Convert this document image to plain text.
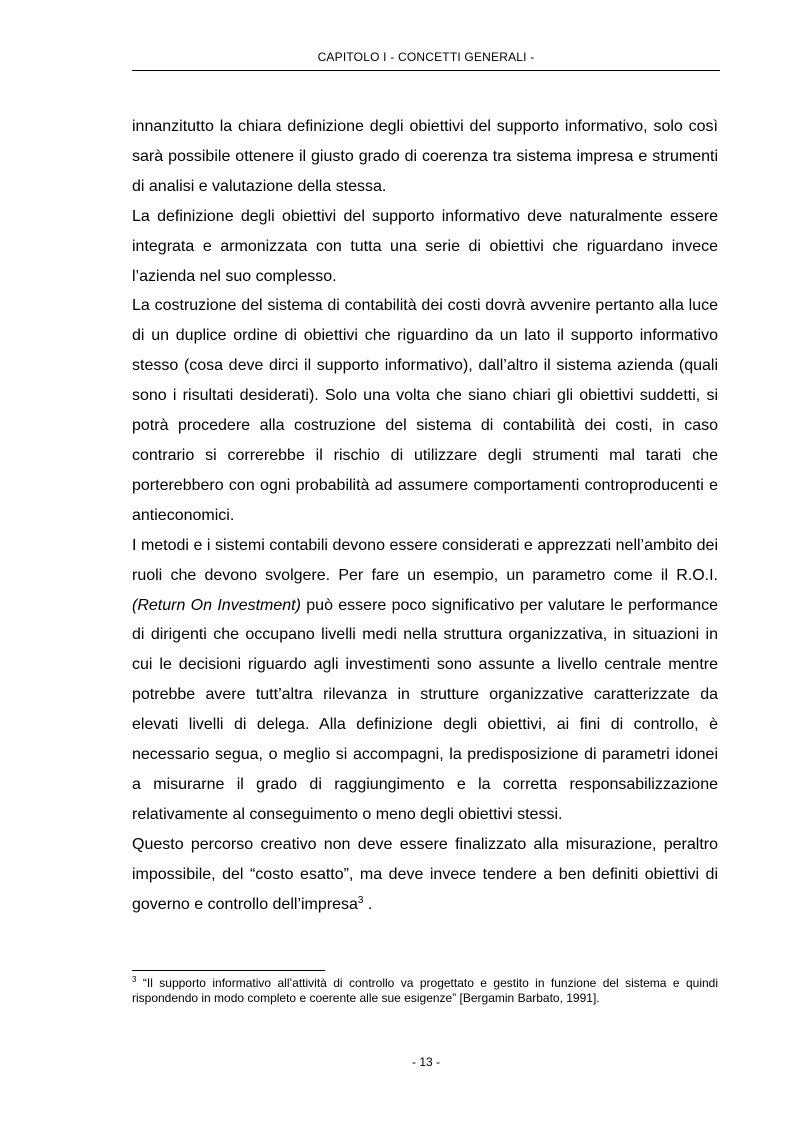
CAPITOLO I - CONCETTI GENERALI -

innanzitutto la chiara definizione degli obiettivi del supporto informativo, solo così sarà possibile ottenere il giusto grado di coerenza tra sistema impresa e strumenti di analisi e valutazione della stessa.

La definizione degli obiettivi del supporto informativo deve naturalmente essere integrata e armonizzata con tutta una serie di obiettivi che riguardano invece l’azienda nel suo complesso.

La costruzione del sistema di contabilità dei costi dovrà avvenire pertanto alla luce di un duplice ordine di obiettivi che riguardino da un lato il supporto informativo stesso (cosa deve dirci il supporto informativo), dall’altro il sistema azienda (quali sono i risultati desiderati). Solo una volta che siano chiari gli obiettivi suddetti, si potrà procedere alla costruzione del sistema di contabilità dei costi, in caso contrario si correrebbe il rischio di utilizzare degli strumenti mal tarati che porterebbero con ogni probabilità ad assumere comportamenti controproducenti e antieconomici.

I metodi e i sistemi contabili devono essere considerati e apprezzati nell’ambito dei ruoli che devono svolgere. Per fare un esempio, un parametro come il R.O.I. (Return On Investment) può essere poco significativo per valutare le performance di dirigenti che occupano livelli medi nella struttura organizzativa, in situazioni in cui le decisioni riguardo agli investimenti sono assunte a livello centrale mentre potrebbe avere tutt’altra rilevanza in strutture organizzative caratterizzate da elevati livelli di delega. Alla definizione degli obiettivi, ai fini di controllo, è necessario segua, o meglio si accompagni, la predisposizione di parametri idonei a misurarne il grado di raggiungimento e la corretta responsabilizzazione relativamente al conseguimento o meno degli obiettivi stessi.

Questo percorso creativo non deve essere finalizzato alla misurazione, peraltro impossibile, del “costo esatto”, ma deve invece tendere a ben definiti obiettivi di governo e controllo dell’impresa$^3$ .

$^3$ “Il supporto informativo all’attività di controllo va progettato e gestito in funzione del sistema e quindi rispondendo in modo completo e coerente alle sue esigenze” [Bergamin Barbato, 1991].
- 13 -
